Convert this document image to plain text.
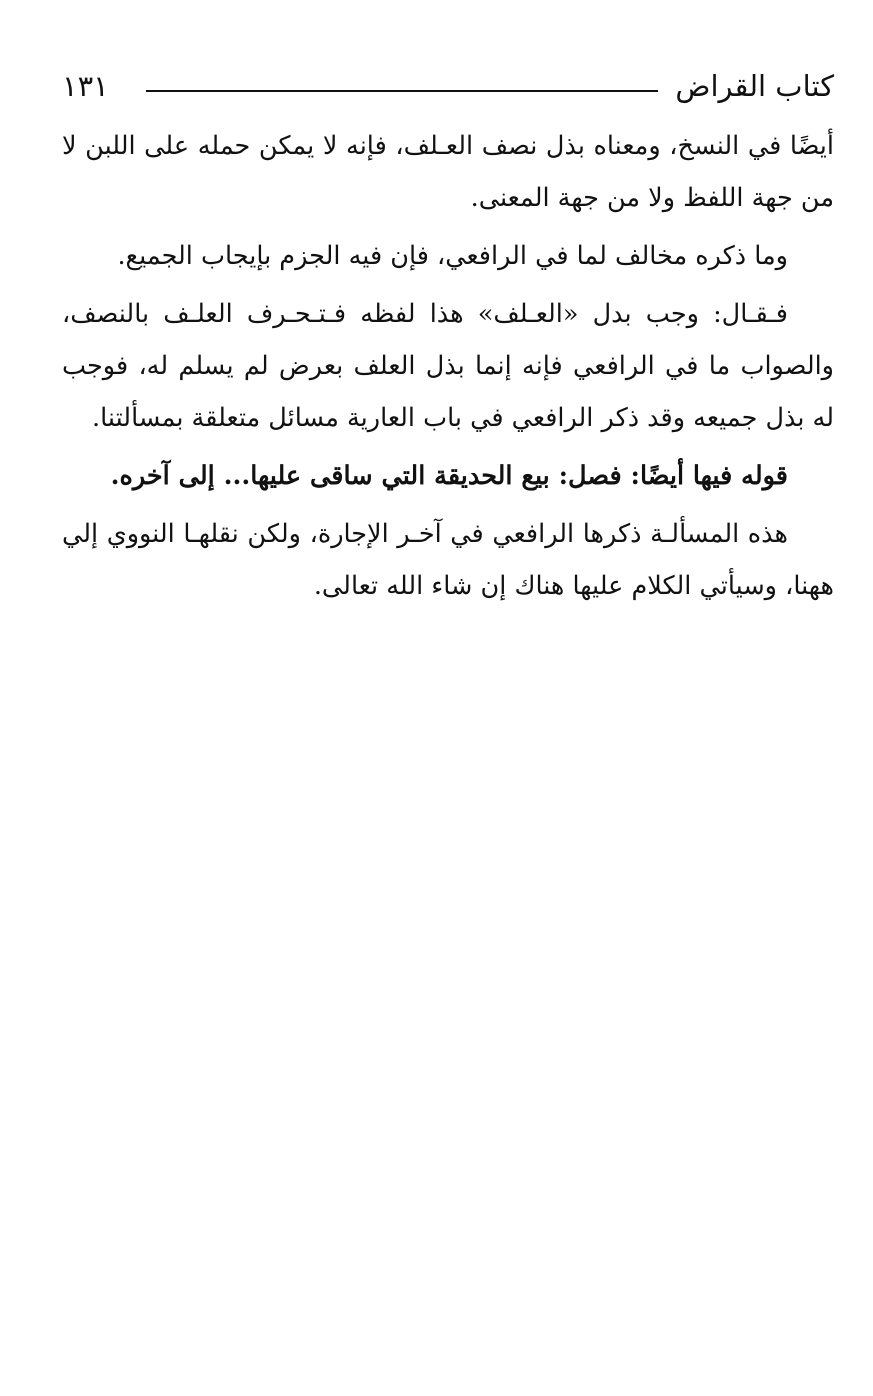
كتاب القراض
١٣١

أيضًا في النسخ، ومعناه بذل نصف العـلف، فإنه لا يمكن حمله على اللبن لا من جهة اللفظ ولا من جهة المعنى.

وما ذكره مخالف لما في الرافعي، فإن فيه الجزم بإيجاب الجميع.

فـقـال: وجب بدل «العـلف» هذا لفظه فـتـحـرف العلـف بالنصف، والصواب ما في الرافعي فإنه إنما بذل العلف بعرض لم يسلم له، فوجب له بذل جميعه وقد ذكر الرافعي في باب العارية مسائل متعلقة بمسألتنا.

قوله فيها أيضًا: فصل: بيع الحديقة التي ساقى عليها... إلى آخره.

هذه المسألـة ذكرها الرافعي في آخـر الإجارة، ولكن نقلهـا النووي إلي ههنا، وسيأتي الكلام عليها هناك إن شاء الله تعالى.
